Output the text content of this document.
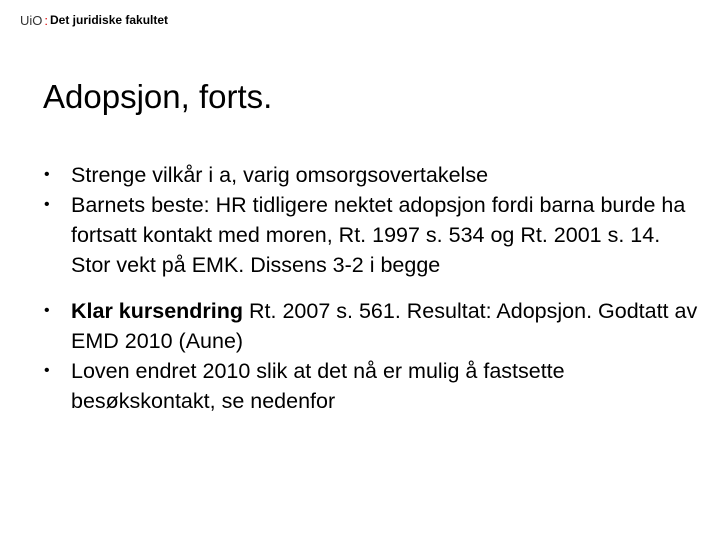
UiO : Det juridiske fakultet
Adopsjon, forts.
• Strenge vilkår i a, varig omsorgsovertakelse
• Barnets beste: HR tidligere nektet adopsjon fordi barna burde ha fortsatt kontakt med moren, Rt. 1997 s. 534 og Rt. 2001 s. 14. Stor vekt på EMK. Dissens 3-2 i begge
• Klar kursendring Rt. 2007 s. 561. Resultat: Adopsjon. Godtatt av EMD 2010 (Aune)
• Loven endret 2010 slik at det nå er mulig å fastsette besøkskontakt, se nedenfor
